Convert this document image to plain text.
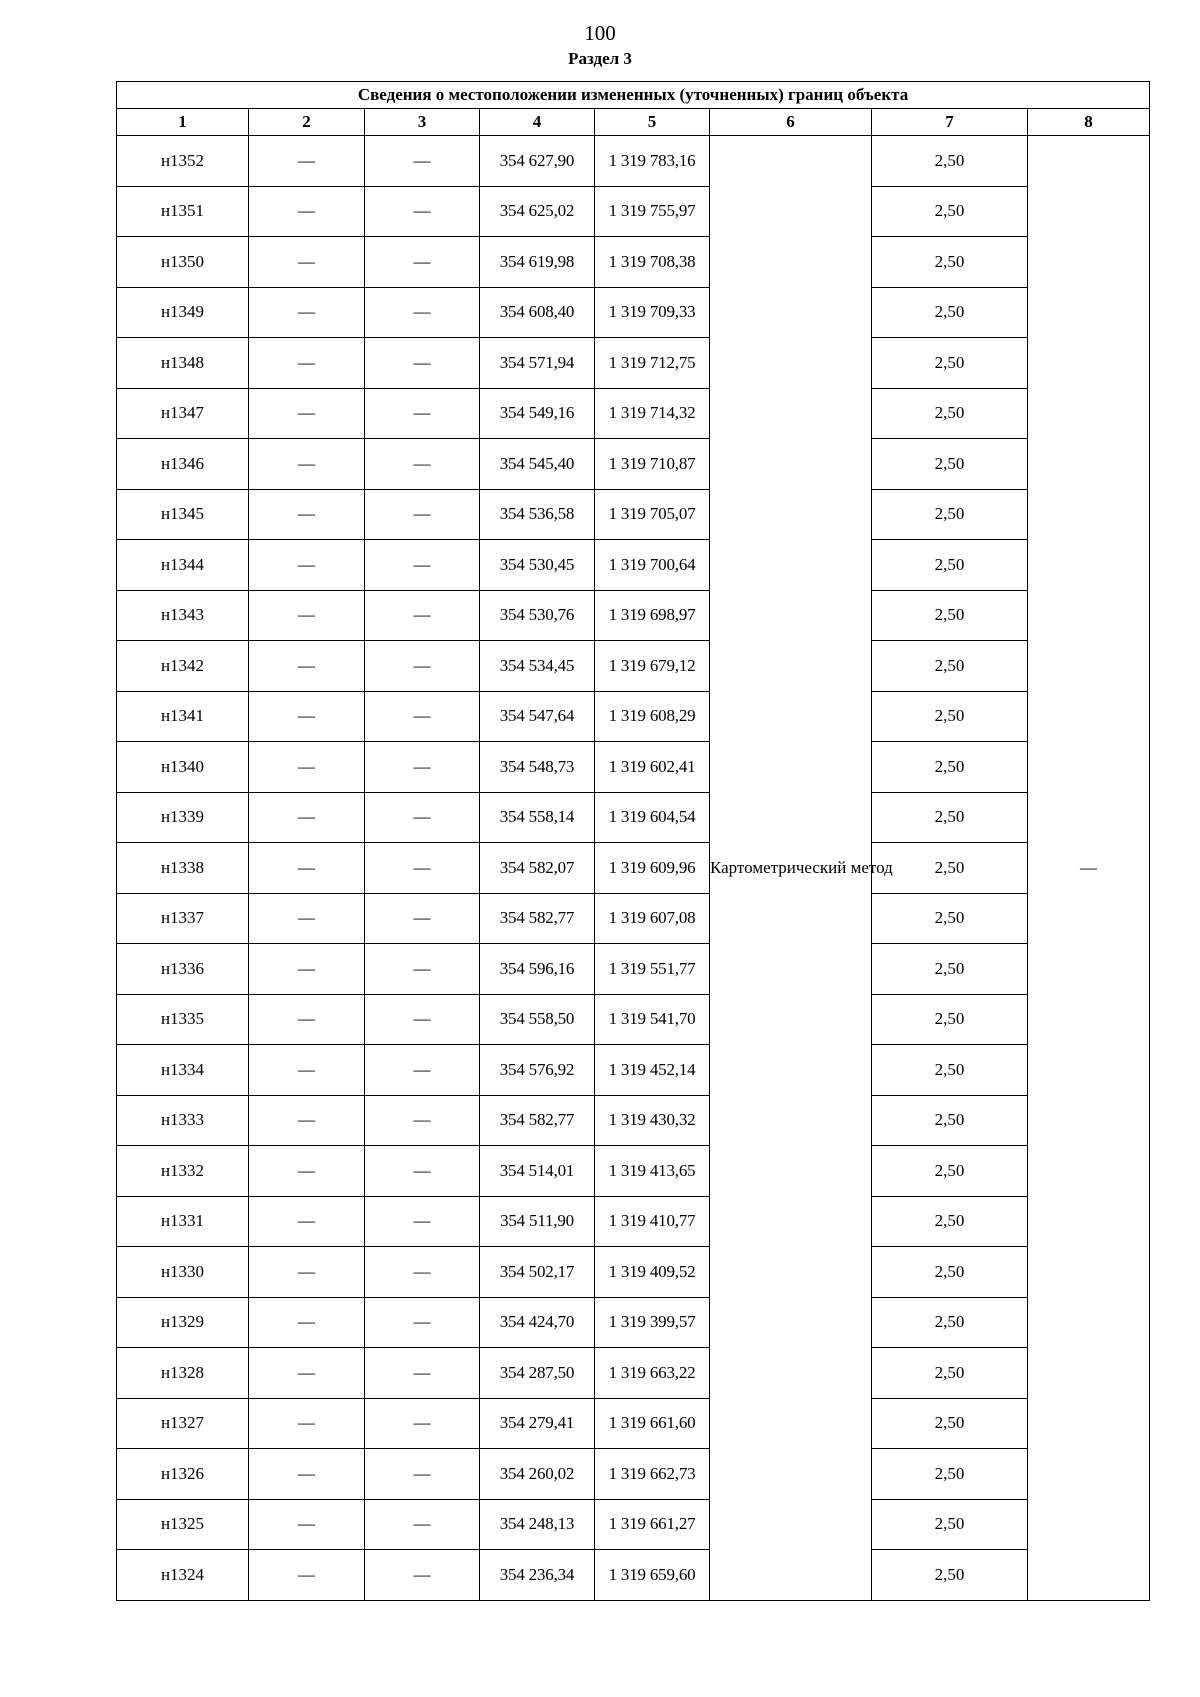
100
Раздел 3
Сведения о местоположении измененных (уточненных) границ объекта							
1	2	3	4	5	6	7	8
н1352	—	—	354 627,90	1 319 783,16	Картометрический метод	2,50	—
н1351	—	—	354 625,02	1 319 755,97		2,50	
н1350	—	—	354 619,98	1 319 708,38		2,50	
н1349	—	—	354 608,40	1 319 709,33		2,50	
н1348	—	—	354 571,94	1 319 712,75		2,50	
н1347	—	—	354 549,16	1 319 714,32		2,50	
н1346	—	—	354 545,40	1 319 710,87		2,50	
н1345	—	—	354 536,58	1 319 705,07		2,50	
н1344	—	—	354 530,45	1 319 700,64		2,50	
н1343	—	—	354 530,76	1 319 698,97		2,50	
н1342	—	—	354 534,45	1 319 679,12		2,50	
н1341	—	—	354 547,64	1 319 608,29		2,50	
н1340	—	—	354 548,73	1 319 602,41		2,50	
н1339	—	—	354 558,14	1 319 604,54		2,50	
н1338	—	—	354 582,07	1 319 609,96		2,50	
н1337	—	—	354 582,77	1 319 607,08		2,50	
н1336	—	—	354 596,16	1 319 551,77		2,50	
н1335	—	—	354 558,50	1 319 541,70		2,50	
н1334	—	—	354 576,92	1 319 452,14		2,50	
н1333	—	—	354 582,77	1 319 430,32		2,50	
н1332	—	—	354 514,01	1 319 413,65		2,50	
н1331	—	—	354 511,90	1 319 410,77		2,50	
н1330	—	—	354 502,17	1 319 409,52		2,50	
н1329	—	—	354 424,70	1 319 399,57		2,50	
н1328	—	—	354 287,50	1 319 663,22		2,50	
н1327	—	—	354 279,41	1 319 661,60		2,50	
н1326	—	—	354 260,02	1 319 662,73		2,50	
н1325	—	—	354 248,13	1 319 661,27		2,50	
н1324	—	—	354 236,34	1 319 659,60		2,50	
